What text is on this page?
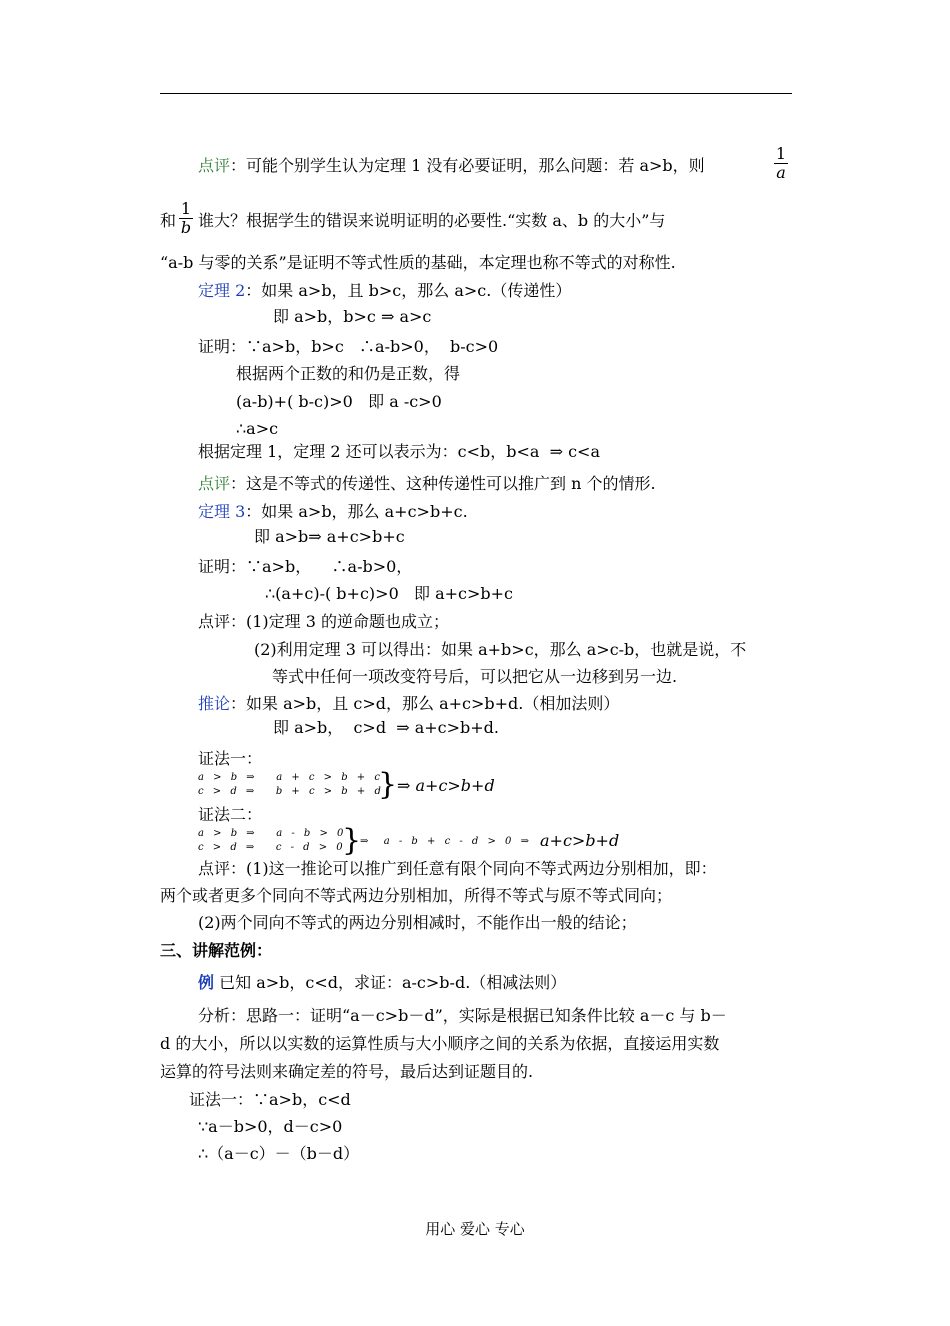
点评：可能个别学生认为定理 1 没有必要证明，那么问题：若 a>b，则
1
a
和
1
b 谁大？根据学生的错误来说明证明的必要性.“实数 a、b 的大小”与
“a-b 与零的关系”是证明不等式性质的基础，本定理也称不等式的对称性.
定理 2：如果 a>b，且 b>c，那么 a>c.（传递性）
即 a>b，b>c ⇒ a>c
证明：∵a>b，b>c   ∴a-b>0，  b-c>0
根据两个正数的和仍是正数，得
(a-b)+( b-c)>0   即 a -c>0
∴a>c
根据定理 1，定理 2 还可以表示为：c<b，b<a  ⇒ c<a
点评：这是不等式的传递性、这种传递性可以推广到 n 个的情形.
定理 3：如果 a>b，那么 a+c>b+c.
即 a>b⇒ a+c>b+c
证明：∵a>b，    ∴a-b>0，
∴(a+c)-( b+c)>0   即 a+c>b+c
点评：(1)定理 3 的逆命题也成立；
(2)利用定理 3 可以得出：如果 a+b>c，那么 a>c-b，也就是说，不
等式中任何一项改变符号后，可以把它从一边移到另一边.
推论：如果 a>b，且 c>d，那么 a+c>b+d.（相加法则）
即 a>b，  c>d  ⇒ a+c>b+d.
证法一：
a > b ⇒   a + c > b + c
c > d ⇒   b + c > b + d
} ⇒ a+c>b+d
证法二：
a > b ⇒   a - b > 0
c > d ⇒   c - d > 0
}
⇒  a - b + c - d > 0 ⇒ a+c>b+d
点评：(1)这一推论可以推广到任意有限个同向不等式两边分别相加，即：
两个或者更多个同向不等式两边分别相加，所得不等式与原不等式同向；
(2)两个同向不等式的两边分别相减时，不能作出一般的结论；
三、讲解范例：
例 已知 a>b，c<d，求证：a-c>b-d.（相减法则）
分析：思路一：证明“a－c>b－d”，实际是根据已知条件比较 a－c 与 b－
d 的大小，所以以实数的运算性质与大小顺序之间的关系为依据，直接运用实数
运算的符号法则来确定差的符号，最后达到证题目的.
证法一：∵a>b，c<d
∵a－b>0，d－c>0
∴（a－c）－（b－d）
用心 爱心 专心
